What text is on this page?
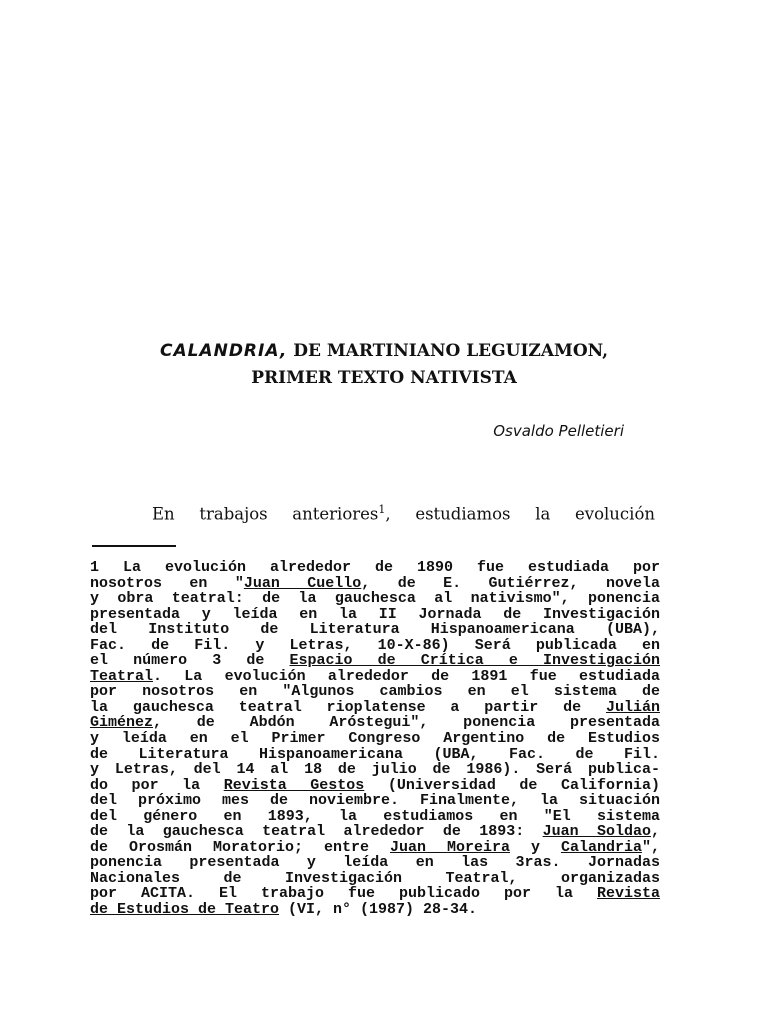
CALANDRIA, DE MARTINIANO LEGUIZAMON,
PRIMER TEXTO NATIVISTA
Osvaldo Pelletieri
En trabajos anteriores$^1$, estudiamos la evolución
1 La evolución alrededor de 1890 fue estudiada por
nosotros en "Juan Cuello, de E. Gutiérrez, novela
y obra teatral: de la gauchesca al nativismo", ponencia
presentada y leída en la II Jornada de Investigación
del Instituto de Literatura Hispanoamericana (UBA),
Fac. de Fil. y Letras, 10-X-86) Será publicada en
el número 3 de Espacio de Crítica e Investigación
Teatral. La evolución alrededor de 1891 fue estudiada
por nosotros en "Algunos cambios en el sistema de
la gauchesca teatral rioplatense a partir de Julián
Giménez, de Abdón Aróstegui", ponencia presentada
y leída en el Primer Congreso Argentino de Estudios
de Literatura Hispanoamericana (UBA, Fac. de Fil.
y Letras, del 14 al 18 de julio de 1986). Será publica-
do por la Revista Gestos (Universidad de California)
del próximo mes de noviembre. Finalmente, la situación
del género en 1893, la estudiamos en "El sistema
de la gauchesca teatral alrededor de 1893: Juan Soldao,
de Orosmán Moratorio; entre Juan Moreira y Calandria",
ponencia presentada y leída en las 3ras. Jornadas
Nacionales de Investigación Teatral, organizadas
por ACITA. El trabajo fue publicado por la Revista
de Estudios de Teatro (VI, n° (1987) 28-34.
